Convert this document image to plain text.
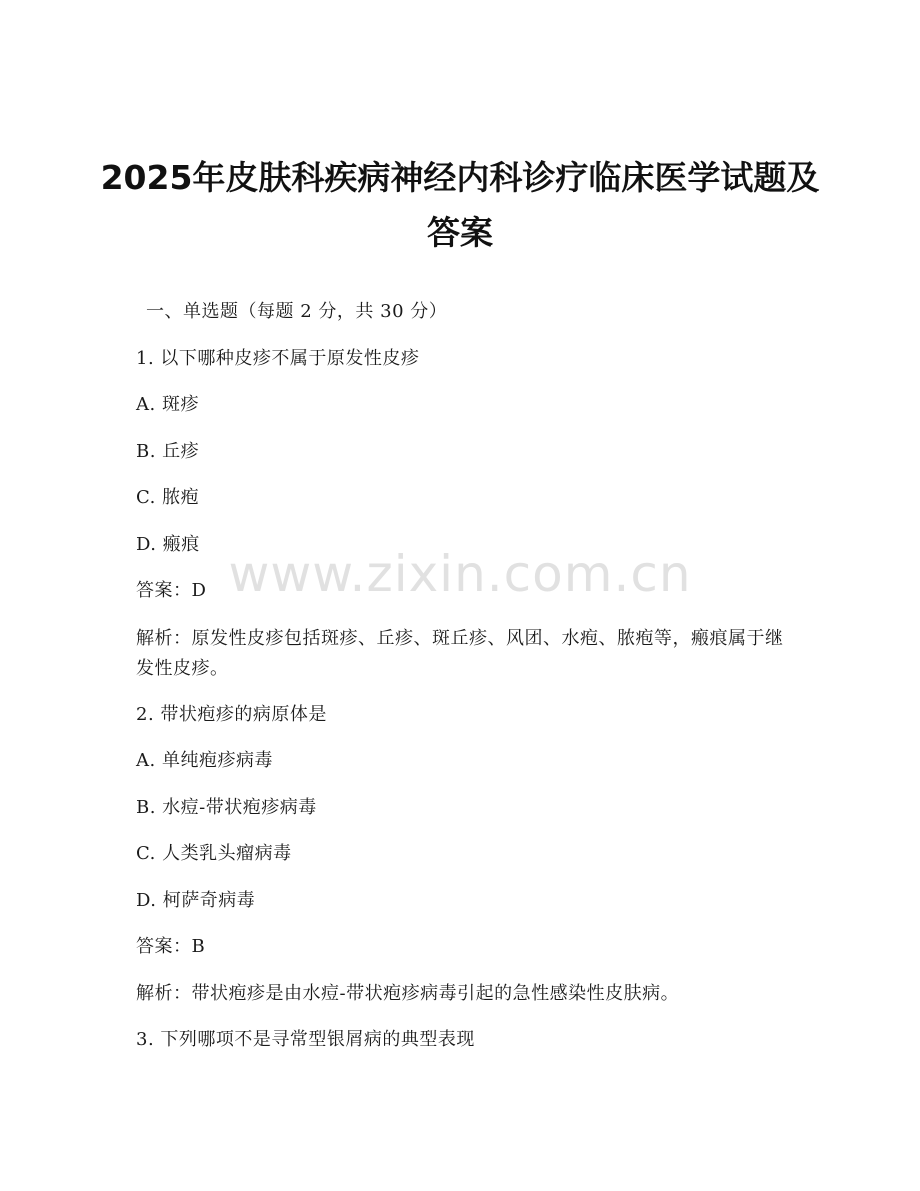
2025年皮肤科疾病神经内科诊疗临床医学试题及答案
一、单选题（每题 2 分，共 30 分）
1. 以下哪种皮疹不属于原发性皮疹
A. 斑疹
B. 丘疹
C. 脓疱
D. 瘢痕
答案：D
解析：原发性皮疹包括斑疹、丘疹、斑丘疹、风团、水疱、脓疱等，瘢痕属于继发性皮疹。
2. 带状疱疹的病原体是
A. 单纯疱疹病毒
B. 水痘-带状疱疹病毒
C. 人类乳头瘤病毒
D. 柯萨奇病毒
答案：B
解析：带状疱疹是由水痘-带状疱疹病毒引起的急性感染性皮肤病。
3. 下列哪项不是寻常型银屑病的典型表现
www.zixin.com.cn
